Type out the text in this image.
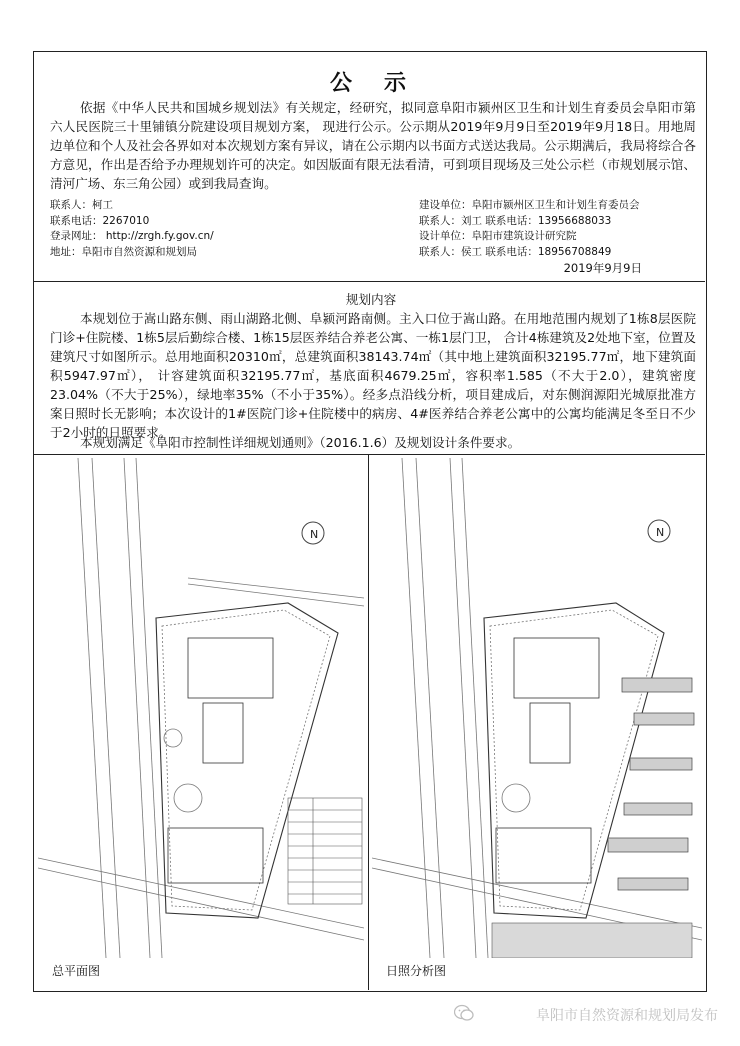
公 示
依据《中华人民共和国城乡规划法》有关规定，经研究，拟同意阜阳市颍州区卫生和计划生育委员会阜阳市第六人民医院三十里铺镇分院建设项目规划方案， 现进行公示。公示期从2019年9月9日至2019年9月18日。用地周边单位和个人及社会各界如对本次规划方案有异议，请在公示期内以书面方式送达我局。公示期满后，我局将综合各方意见，作出是否给予办理规划许可的决定。如因版面有限无法看清，可到项目现场及三处公示栏（市规划展示馆、清河广场、东三角公园）或到我局查询。
联系人：柯工
联系电话：2267010
登录网址： http://zrgh.fy.gov.cn/
地址：阜阳市自然资源和规划局
建设单位：阜阳市颍州区卫生和计划生育委员会
联系人：刘工 联系电话：13956688033
设计单位：阜阳市建筑设计研究院
联系人：侯工 联系电话：18956708849
2019年9月9日
规划内容
本规划位于嵩山路东侧、雨山湖路北侧、阜颍河路南侧。主入口位于嵩山路。在用地范围内规划了1栋8层医院门诊+住院楼、1栋5层后勤综合楼、1栋15层医养结合养老公寓、一栋1层门卫， 合计4栋建筑及2处地下室，位置及建筑尺寸如图所示。总用地面积20310㎡，总建筑面积38143.74㎡（其中地上建筑面积32195.77㎡，地下建筑面积5947.97㎡）， 计容建筑面积32195.77㎡，基底面积4679.25㎡，容积率1.585（不大于2.0），建筑密度23.04%（不大于25%），绿地率35%（不小于35%）。经多点沿线分析，项目建成后，对东侧润源阳光城原批准方案日照时长无影响；本次设计的1#医院门诊+住院楼中的病房、4#医养结合养老公寓中的公寓均能满足冬至日不少于2小时的日照要求。
本规划满足《阜阳市控制性详细规划通则》（2016.1.6）及规划设计条件要求。
N	N
总平面图	日照分析图
阜阳市自然资源和规划局发布
